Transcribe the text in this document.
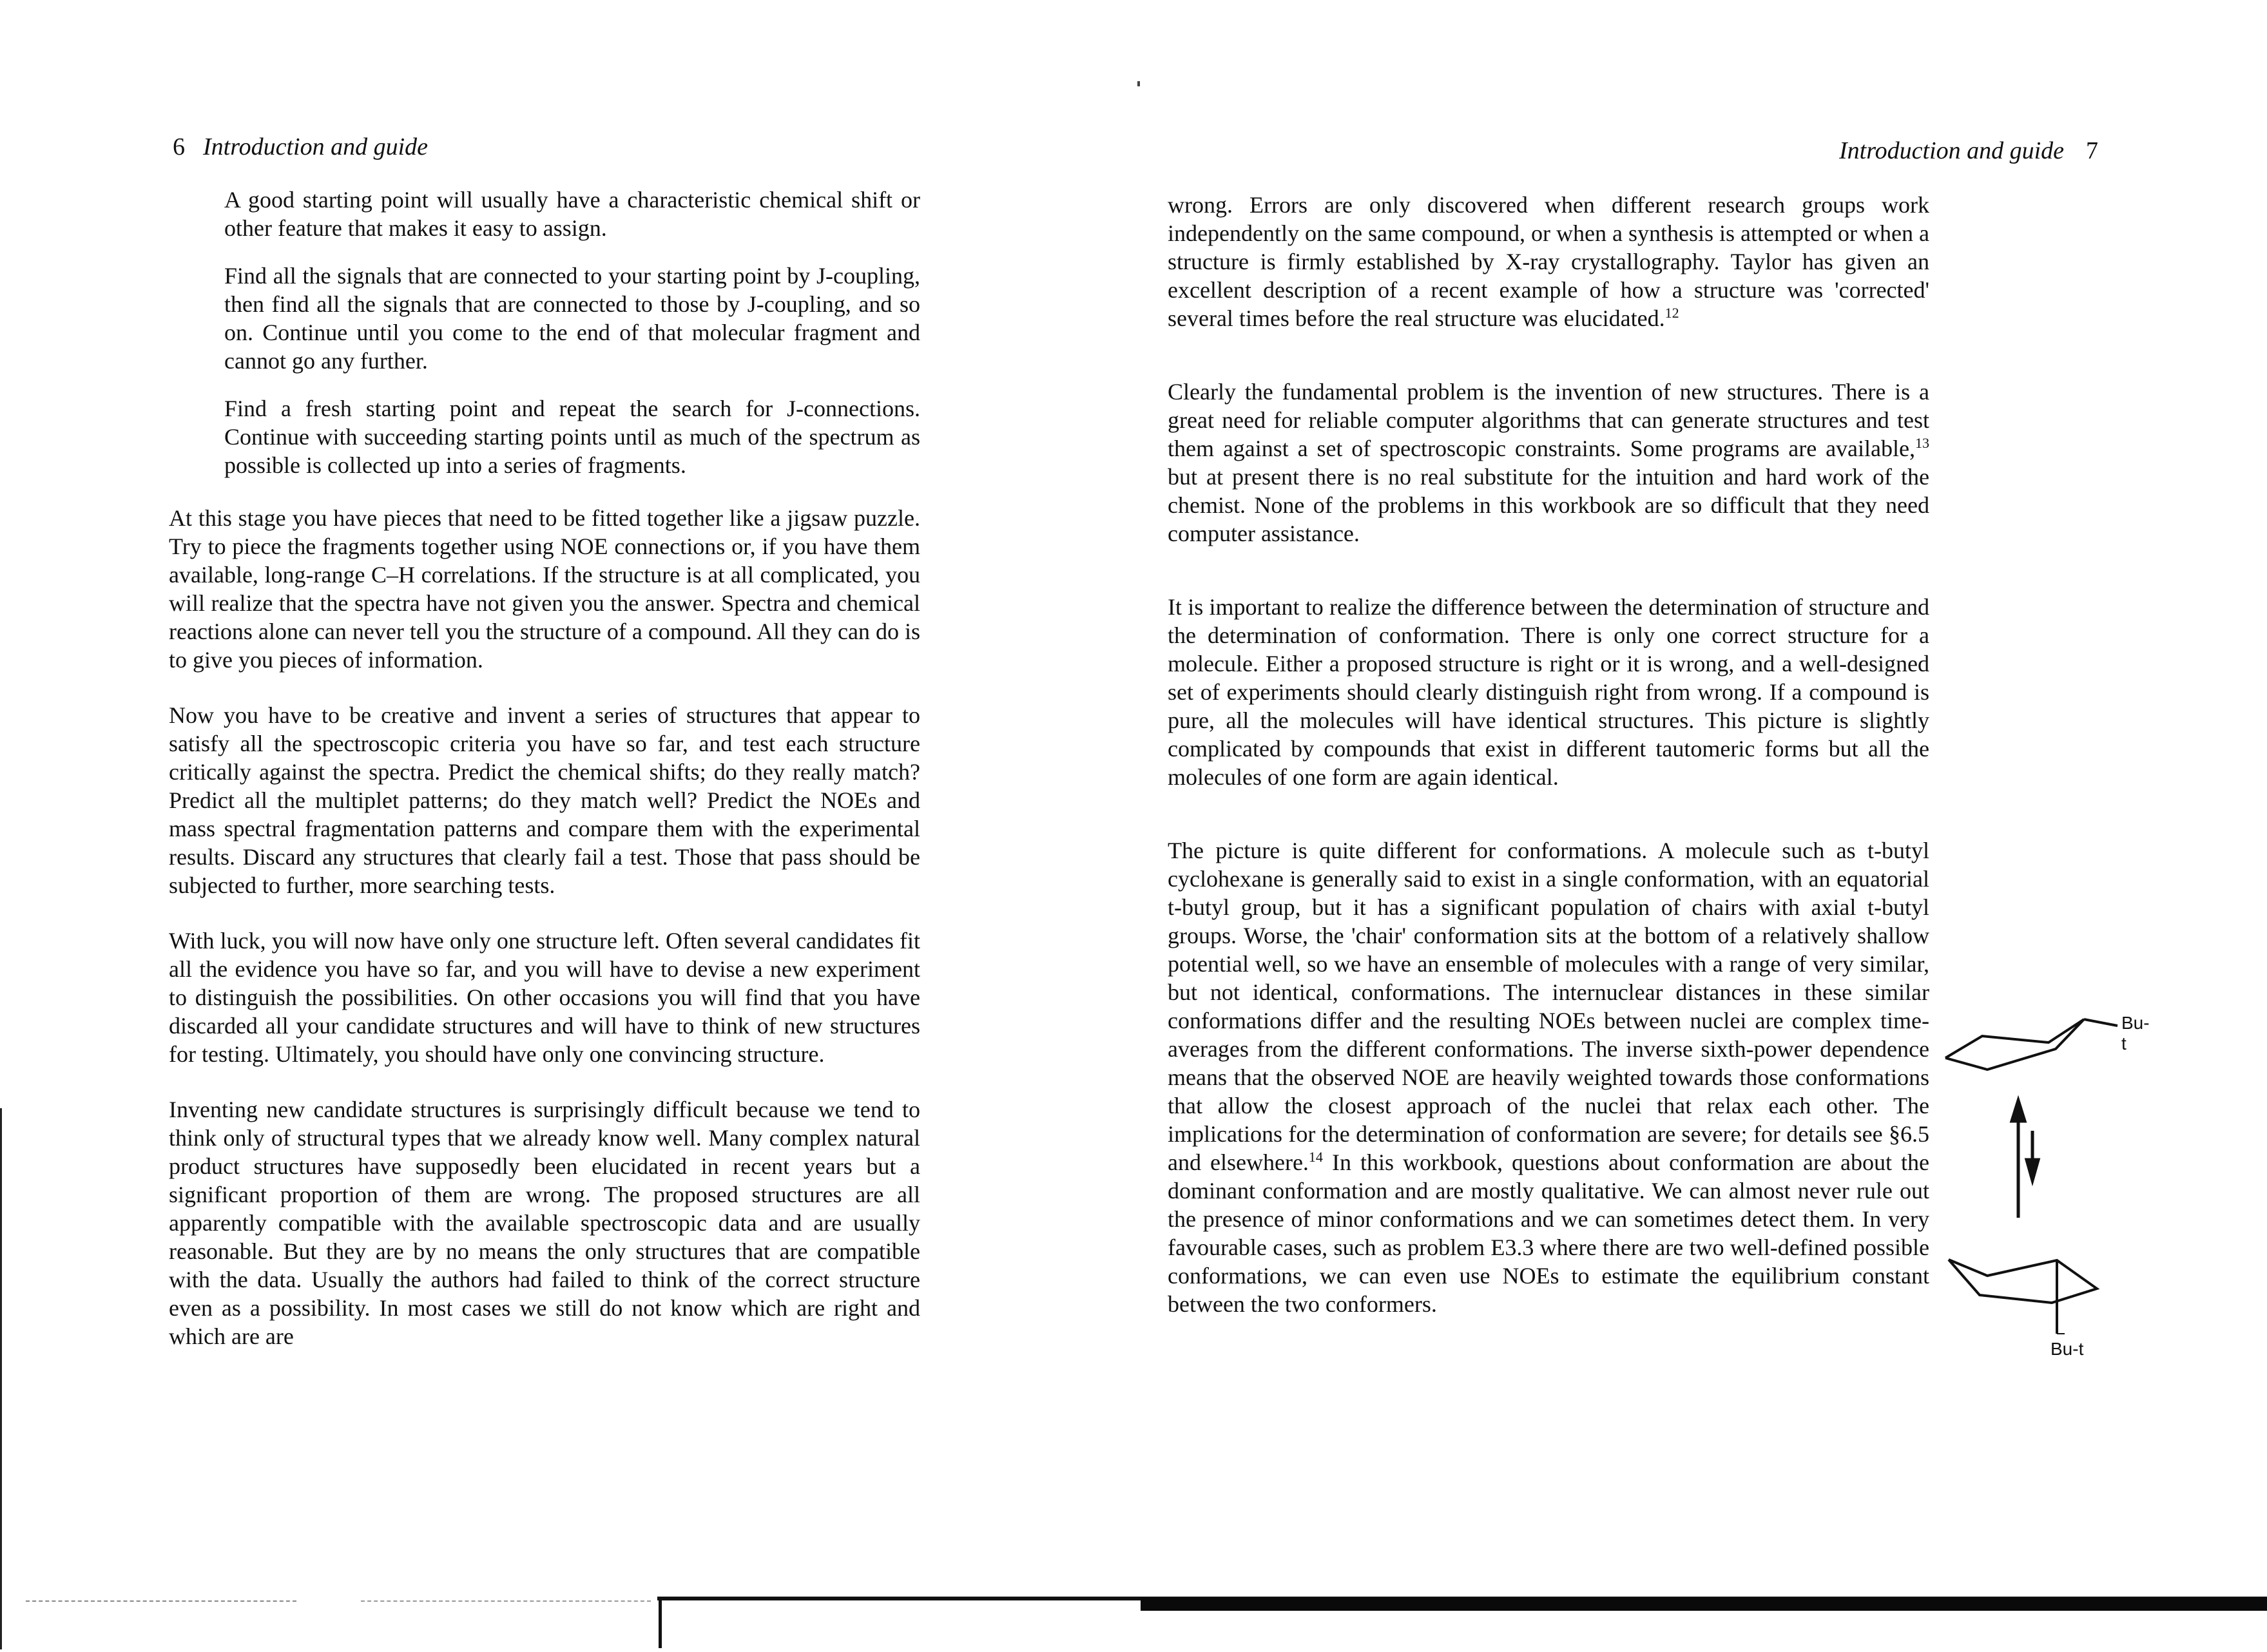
6 Introduction and guide

A good starting point will usually have a characteristic chemical shift or other feature that makes it easy to assign.

Find all the signals that are connected to your starting point by J-coupling, then find all the signals that are connected to those by J-coupling, and so on. Continue until you come to the end of that molecular fragment and cannot go any further.

Find a fresh starting point and repeat the search for J-connections. Continue with succeeding starting points until as much of the spectrum as possible is collected up into a series of fragments.

At this stage you have pieces that need to be fitted together like a jigsaw puzzle. Try to piece the fragments together using NOE connections or, if you have them available, long-range C–H correlations. If the structure is at all complicated, you will realize that the spectra have not given you the answer. Spectra and chemical reactions alone can never tell you the structure of a compound. All they can do is to give you pieces of information.

Now you have to be creative and invent a series of structures that appear to satisfy all the spectroscopic criteria you have so far, and test each structure critically against the spectra. Predict the chemical shifts; do they really match? Predict all the multiplet patterns; do they match well? Predict the NOEs and mass spectral fragmentation patterns and compare them with the experimental results. Discard any structures that clearly fail a test. Those that pass should be subjected to further, more searching tests.

With luck, you will now have only one structure left. Often several candidates fit all the evidence you have so far, and you will have to devise a new experiment to distinguish the possibilities. On other occasions you will find that you have discarded all your candidate structures and will have to think of new structures for testing. Ultimately, you should have only one convincing structure.

Inventing new candidate structures is surprisingly difficult because we tend to think only of structural types that we already know well. Many complex natural product structures have supposedly been elucidated in recent years but a significant proportion of them are wrong. The proposed structures are all apparently compatible with the available spectroscopic data and are usually reasonable. But they are by no means the only structures that are compatible with the data. Usually the authors had failed to think of the correct structure even as a possibility. In most cases we still do not know which are right and which are are

Introduction and guide 7

wrong. Errors are only discovered when different research groups work independently on the same compound, or when a synthesis is attempted or when a structure is firmly established by X-ray crystallography. Taylor has given an excellent description of a recent example of how a structure was 'corrected' several times before the real structure was elucidated.$^{12}$

Clearly the fundamental problem is the invention of new structures. There is a great need for reliable computer algorithms that can generate structures and test them against a set of spectroscopic constraints. Some programs are available,$^{13}$ but at present there is no real substitute for the intuition and hard work of the chemist. None of the problems in this workbook are so difficult that they need computer assistance.

It is important to realize the difference between the determination of structure and the determination of conformation. There is only one correct structure for a molecule. Either a proposed structure is right or it is wrong, and a well-designed set of experiments should clearly distinguish right from wrong. If a compound is pure, all the molecules will have identical structures. This picture is slightly complicated by compounds that exist in different tautomeric forms but all the molecules of one form are again identical.

The picture is quite different for conformations. A molecule such as t-butyl cyclohexane is generally said to exist in a single conformation, with an equatorial t-butyl group, but it has a significant population of chairs with axial t-butyl groups. Worse, the 'chair' conformation sits at the bottom of a relatively shallow potential well, so we have an ensemble of molecules with a range of very similar, but not identical, conformations. The internuclear distances in these similar conformations differ and the resulting NOEs between nuclei are complex time-averages from the different conformations. The inverse sixth-power dependence means that the observed NOE are heavily weighted towards those conformations that allow the closest approach of the nuclei that relax each other. The implications for the determination of conformation are severe; for details see §6.5 and elsewhere.$^{14}$ In this workbook, questions about conformation are about the dominant conformation and are mostly qualitative. We can almost never rule out the presence of minor conformations and we can sometimes detect them. In very favourable cases, such as problem E3.3 where there are two well-defined possible conformations, we can even use NOEs to estimate the equilibrium constant between the two conformers.

Bu-t
Bu-t
